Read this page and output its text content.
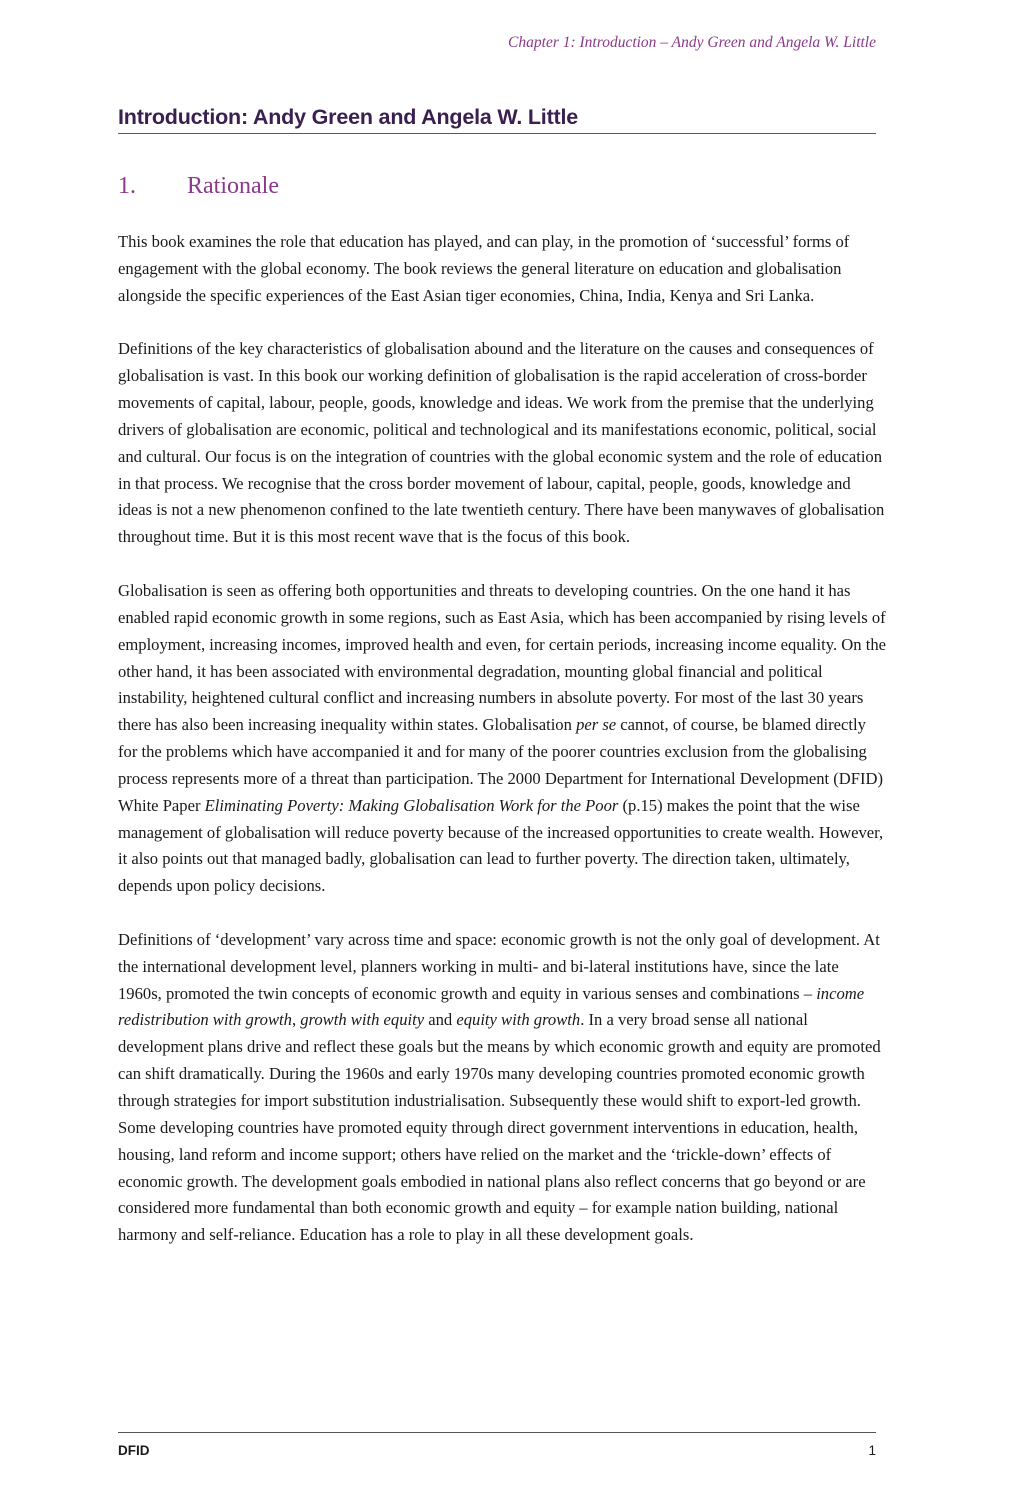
Chapter 1: Introduction – Andy Green and Angela W. Little
Introduction: Andy Green and Angela W. Little
1.	Rationale

This book examines the role that education has played, and can play, in the promotion of ‘successful’ forms of engagement with the global economy. The book reviews the general literature on education and globalisation alongside the specific experiences of the East Asian tiger economies, China, India, Kenya and Sri Lanka.

Definitions of the key characteristics of globalisation abound and the literature on the causes and consequences of globalisation is vast. In this book our working definition of globalisation is the rapid acceleration of cross-border movements of capital, labour, people, goods, knowledge and ideas. We work from the premise that the underlying drivers of globalisation are economic, political and technological and its manifestations economic, political, social and cultural. Our focus is on the integration of countries with the global economic system and the role of education in that process. We recognise that the cross border movement of labour, capital, people, goods, knowledge and ideas is not a new phenomenon confined to the late twentieth century. There have been manywaves of globalisation throughout time. But it is this most recent wave that is the focus of this book.

Globalisation is seen as offering both opportunities and threats to developing countries. On the one hand it has enabled rapid economic growth in some regions, such as East Asia, which has been accompanied by rising levels of employment, increasing incomes, improved health and even, for certain periods, increasing income equality. On the other hand, it has been associated with environmental degradation, mounting global financial and political instability, heightened cultural conflict and increasing numbers in absolute poverty. For most of the last 30 years there has also been increasing inequality within states. Globalisation per se cannot, of course, be blamed directly for the problems which have accompanied it and for many of the poorer countries exclusion from the globalising process represents more of a threat than participation. The 2000 Department for International Development (DFID) White Paper Eliminating Poverty: Making Globalisation Work for the Poor (p.15) makes the point that the wise management of globalisation will reduce poverty because of the increased opportunities to create wealth. However, it also points out that managed badly, globalisation can lead to further poverty. The direction taken, ultimately, depends upon policy decisions.

Definitions of ‘development’ vary across time and space: economic growth is not the only goal of development. At the international development level, planners working in multi- and bi-lateral institutions have, since the late 1960s, promoted the twin concepts of economic growth and equity in various senses and combinations – income redistribution with growth, growth with equity and equity with growth. In a very broad sense all national development plans drive and reflect these goals but the means by which economic growth and equity are promoted can shift dramatically. During the 1960s and early 1970s many developing countries promoted economic growth through strategies for import substitution industrialisation. Subsequently these would shift to export-led growth. Some developing countries have promoted equity through direct government interventions in education, health, housing, land reform and income support; others have relied on the market and the ‘trickle-down’ effects of economic growth. The development goals embodied in national plans also reflect concerns that go beyond or are considered more fundamental than both economic growth and equity – for example nation building, national harmony and self-reliance. Education has a role to play in all these development goals.

DFID	1
